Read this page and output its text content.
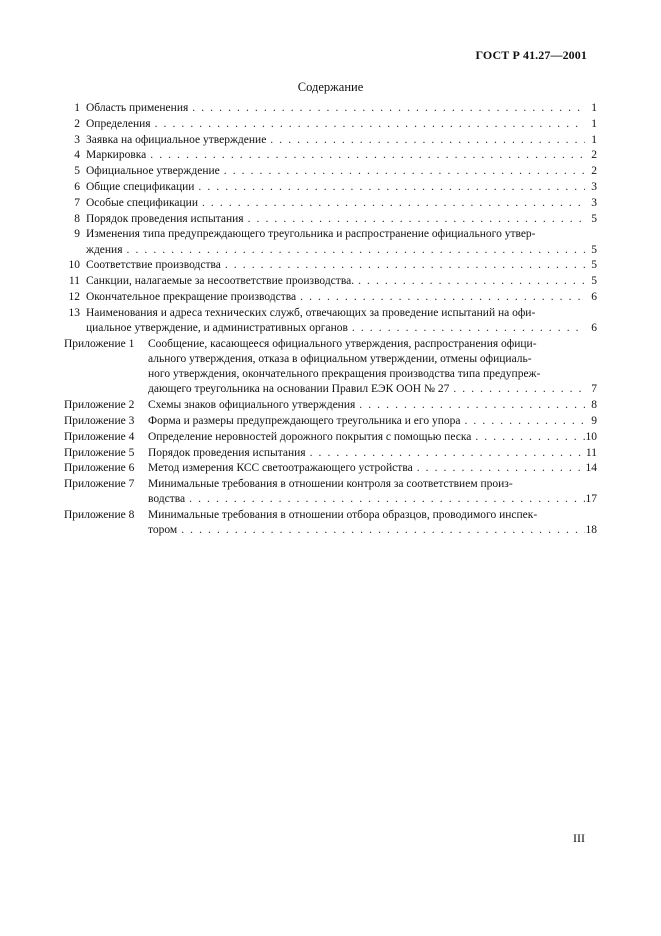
ГОСТ Р 41.27—2001
Содержание
1 Область применения . . .	1
2 Определения . . .	1
3 Заявка на официальное утверждение . . .	1
4 Маркировка . . .	2
5 Официальное утверждение . . .	2
6 Общие спецификации . . .	3
7 Особые спецификации . . .	3
8 Порядок проведения испытания . . .	5
9 Изменения типа предупреждающего треугольника и распространение официального утвер-
ждения . . .	5
10 Соответствие производства . . .	5
11 Санкции, налагаемые за несоответствие производства. . . .	5
12 Окончательное прекращение производства . . .	6
13 Наименования и адреса технических служб, отвечающих за проведение испытаний на офи-
циальное утверждение, и административных органов . . .	6
Приложение 1	Сообщение, касающееся официального утверждения, распространения офици-
ального утверждения, отказа в официальном утверждении, отмены официаль-
ного утверждения, окончательного прекращения производства типа предупреж-
дающего треугольника на основании Правил ЕЭК ООН № 27 . . .	7
Приложение 2	Схемы знаков официального утверждения . . .	8
Приложение 3	Форма и размеры предупреждающего треугольника и его упора . . .	9
Приложение 4	Определение неровностей дорожного покрытия с помощью песка . . .	10
Приложение 5	Порядок проведения испытания . . .	11
Приложение 6	Метод измерения КСС светоотражающего устройства . . .	14
Приложение 7	Минимальные требования в отношении контроля за соответствием произ-
водства . . .	17
Приложение 8	Минимальные требования в отношении отбора образцов, проводимого инспек-
тором . . .	18
III
